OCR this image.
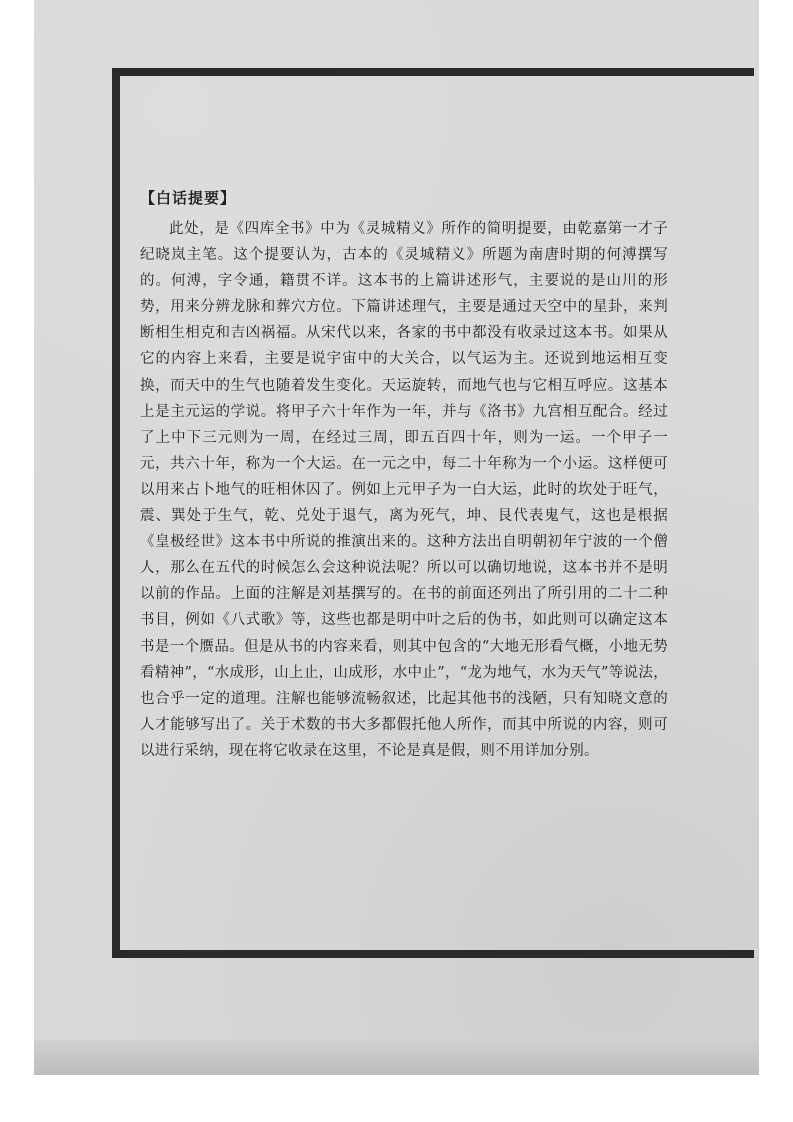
【白话提要】

此处，是《四库全书》中为《灵城精义》所作的简明提要，由乾嘉第一才子纪晓岚主笔。这个提要认为，古本的《灵城精义》所题为南唐时期的何溥撰写的。何溥，字令通，籍贯不详。这本书的上篇讲述形气，主要说的是山川的形势，用来分辨龙脉和葬穴方位。下篇讲述理气，主要是通过天空中的星卦，来判断相生相克和吉凶祸福。从宋代以来，各家的书中都没有收录过这本书。如果从它的内容上来看，主要是说宇宙中的大关合，以气运为主。还说到地运相互变换，而天中的生气也随着发生变化。天运旋转，而地气也与它相互呼应。这基本上是主元运的学说。将甲子六十年作为一年，并与《洛书》九宫相互配合。经过了上中下三元则为一周，在经过三周，即五百四十年，则为一运。一个甲子一元，共六十年，称为一个大运。在一元之中，每二十年称为一个小运。这样便可以用来占卜地气的旺相休囚了。例如上元甲子为一白大运，此时的坎处于旺气，震、巽处于生气，乾、兑处于退气，离为死气，坤、艮代表鬼气，这也是根据《皇极经世》这本书中所说的推演出来的。这种方法出自明朝初年宁波的一个僧人，那么在五代的时候怎么会这种说法呢？所以可以确切地说，这本书并不是明以前的作品。上面的注解是刘基撰写的。在书的前面还列出了所引用的二十二种书目，例如《八式歌》等，这些也都是明中叶之后的伪书，如此则可以确定这本书是一个赝品。但是从书的内容来看，则其中包含的“大地无形看气概，小地无势看精神”，“水成形，山上止，山成形，水中止”，“龙为地气，水为天气”等说法，也合乎一定的道理。注解也能够流畅叙述，比起其他书的浅陋，只有知晓文意的人才能够写出了。关于术数的书大多都假托他人所作，而其中所说的内容，则可以进行采纳，现在将它收录在这里，不论是真是假，则不用详加分别。
